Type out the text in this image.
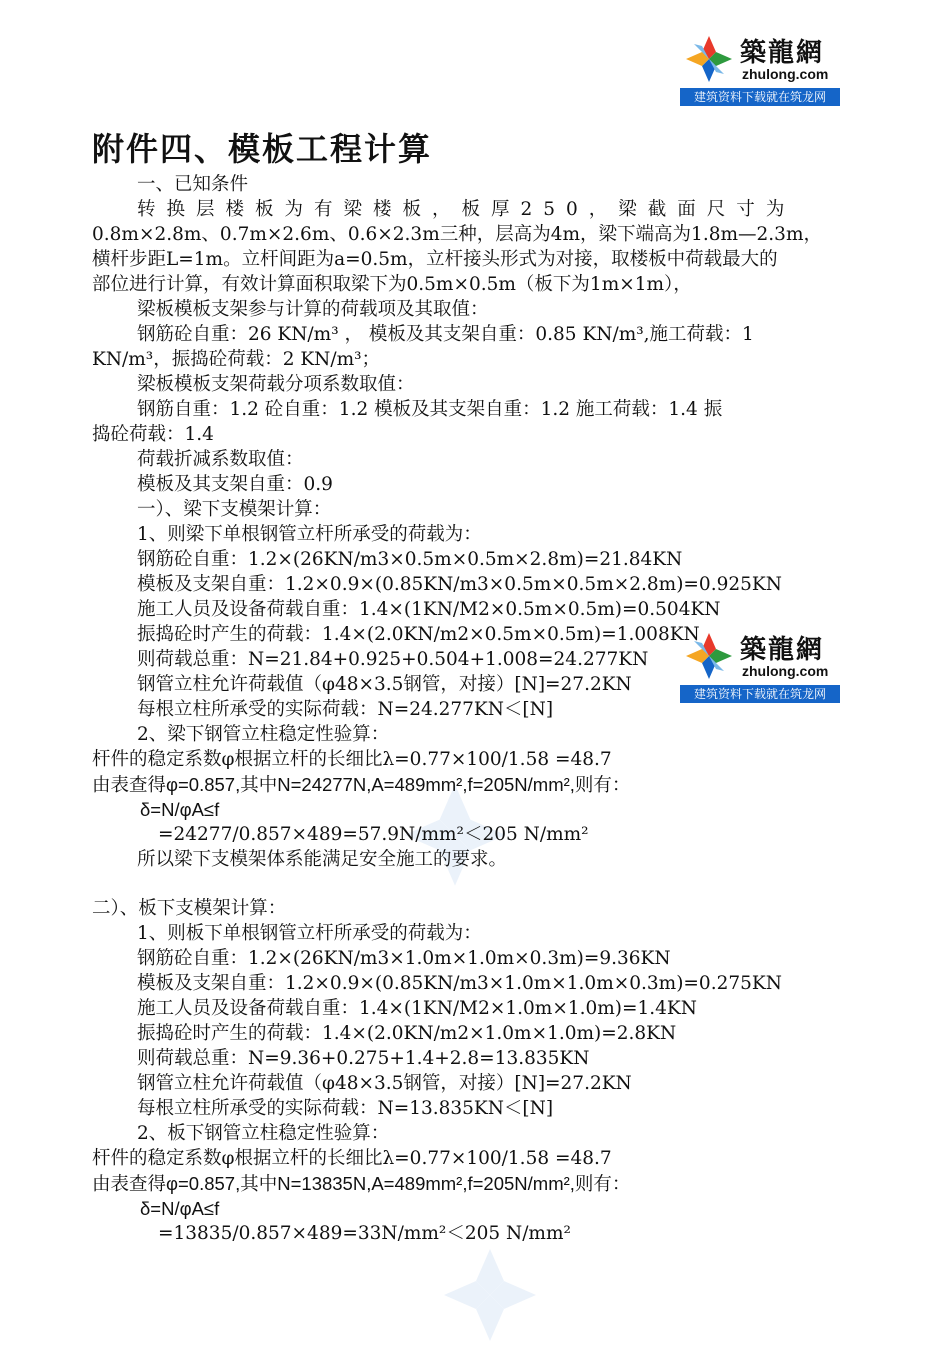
築龍網
zhulong.com
建筑资料下载就在筑龙网
築龍網
zhulong.com
建筑资料下载就在筑龙网
附件四、模板工程计算
一、已知条件
转换层楼板为有梁楼板，板厚250，梁截面尺寸为
0.8m×2.8m、0.7m×2.6m、0.6×2.3m三种，层高为4m，梁下端高为1.8m—2.3m，
横杆步距L=1m。立杆间距为a=0.5m，立杆接头形式为对接，取楼板中荷载最大的
部位进行计算，有效计算面积取梁下为0.5m×0.5m（板下为1m×1m），
梁板模板支架参与计算的荷载项及其取值：
钢筋砼自重：26 KN/m³ ， 模板及其支架自重：0.85 KN/m³,施工荷载：1
KN/m³，振捣砼荷载：2 KN/m³；
梁板模板支架荷载分项系数取值：
钢筋自重：1.2 砼自重：1.2 模板及其支架自重：1.2 施工荷载：1.4 振
捣砼荷载：1.4
荷载折减系数取值：
模板及其支架自重：0.9
一）、梁下支模架计算：
1、则梁下单根钢管立杆所承受的荷载为：
钢筋砼自重：1.2×(26KN/m3×0.5m×0.5m×2.8m)=21.84KN
模板及支架自重：1.2×0.9×(0.85KN/m3×0.5m×0.5m×2.8m)=0.925KN
施工人员及设备荷载自重：1.4×(1KN/M2×0.5m×0.5m)=0.504KN
振捣砼时产生的荷载：1.4×(2.0KN/m2×0.5m×0.5m)=1.008KN
则荷载总重：N=21.84+0.925+0.504+1.008=24.277KN
钢管立柱允许荷载值（φ48×3.5钢管，对接）[N]=27.2KN
每根立柱所承受的实际荷载：N=24.277KN＜[N]
2、梁下钢管立柱稳定性验算：
杆件的稳定系数φ根据立杆的长细比λ=0.77×100/1.58 =48.7
由表查得φ=0.857,其中N=24277N,A=489mm²,f=205N/mm²,则有：
δ=N/φA≤f
=24277/0.857×489=57.9N/mm²＜205 N/mm²
所以梁下支模架体系能满足安全施工的要求。
二）、板下支模架计算：
1、则板下单根钢管立杆所承受的荷载为：
钢筋砼自重：1.2×(26KN/m3×1.0m×1.0m×0.3m)=9.36KN
模板及支架自重：1.2×0.9×(0.85KN/m3×1.0m×1.0m×0.3m)=0.275KN
施工人员及设备荷载自重：1.4×(1KN/M2×1.0m×1.0m)=1.4KN
振捣砼时产生的荷载：1.4×(2.0KN/m2×1.0m×1.0m)=2.8KN
则荷载总重：N=9.36+0.275+1.4+2.8=13.835KN
钢管立柱允许荷载值（φ48×3.5钢管，对接）[N]=27.2KN
每根立柱所承受的实际荷载：N=13.835KN＜[N]
2、板下钢管立柱稳定性验算：
杆件的稳定系数φ根据立杆的长细比λ=0.77×100/1.58 =48.7
由表查得φ=0.857,其中N=13835N,A=489mm²,f=205N/mm²,则有：
δ=N/φA≤f
=13835/0.857×489=33N/mm²＜205 N/mm²
